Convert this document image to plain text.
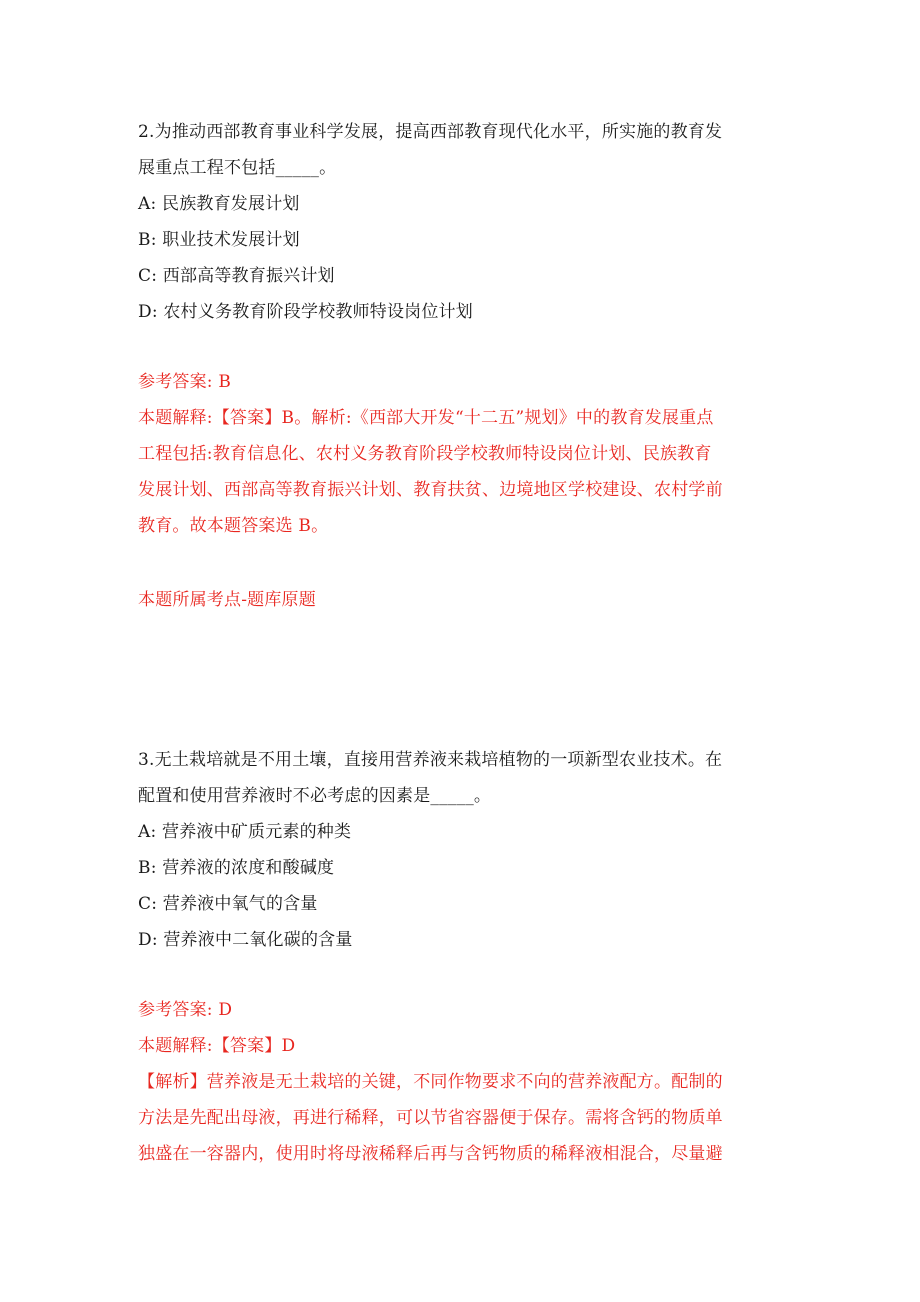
2.为推动西部教育事业科学发展，提高西部教育现代化水平，所实施的教育发
展重点工程不包括_____。
A: 民族教育发展计划
B: 职业技术发展计划
C: 西部高等教育振兴计划
D: 农村义务教育阶段学校教师特设岗位计划
参考答案: B
本题解释:【答案】B。解析:《西部大开发“十二五”规划》中的教育发展重点
工程包括:教育信息化、农村义务教育阶段学校教师特设岗位计划、民族教育
发展计划、西部高等教育振兴计划、教育扶贫、边境地区学校建设、农村学前
教育。故本题答案选 B。
本题所属考点-题库原题
3.无土栽培就是不用土壤，直接用营养液来栽培植物的一项新型农业技术。在
配置和使用营养液时不必考虑的因素是_____。
A: 营养液中矿质元素的种类
B: 营养液的浓度和酸碱度
C: 营养液中氧气的含量
D: 营养液中二氧化碳的含量
参考答案: D
本题解释:【答案】D
【解析】营养液是无土栽培的关键，不同作物要求不向的营养液配方。配制的
方法是先配出母液，再进行稀释，可以节省容器便于保存。需将含钙的物质单
独盛在一容器内，使用时将母液稀释后再与含钙物质的稀释液相混合，尽量避
